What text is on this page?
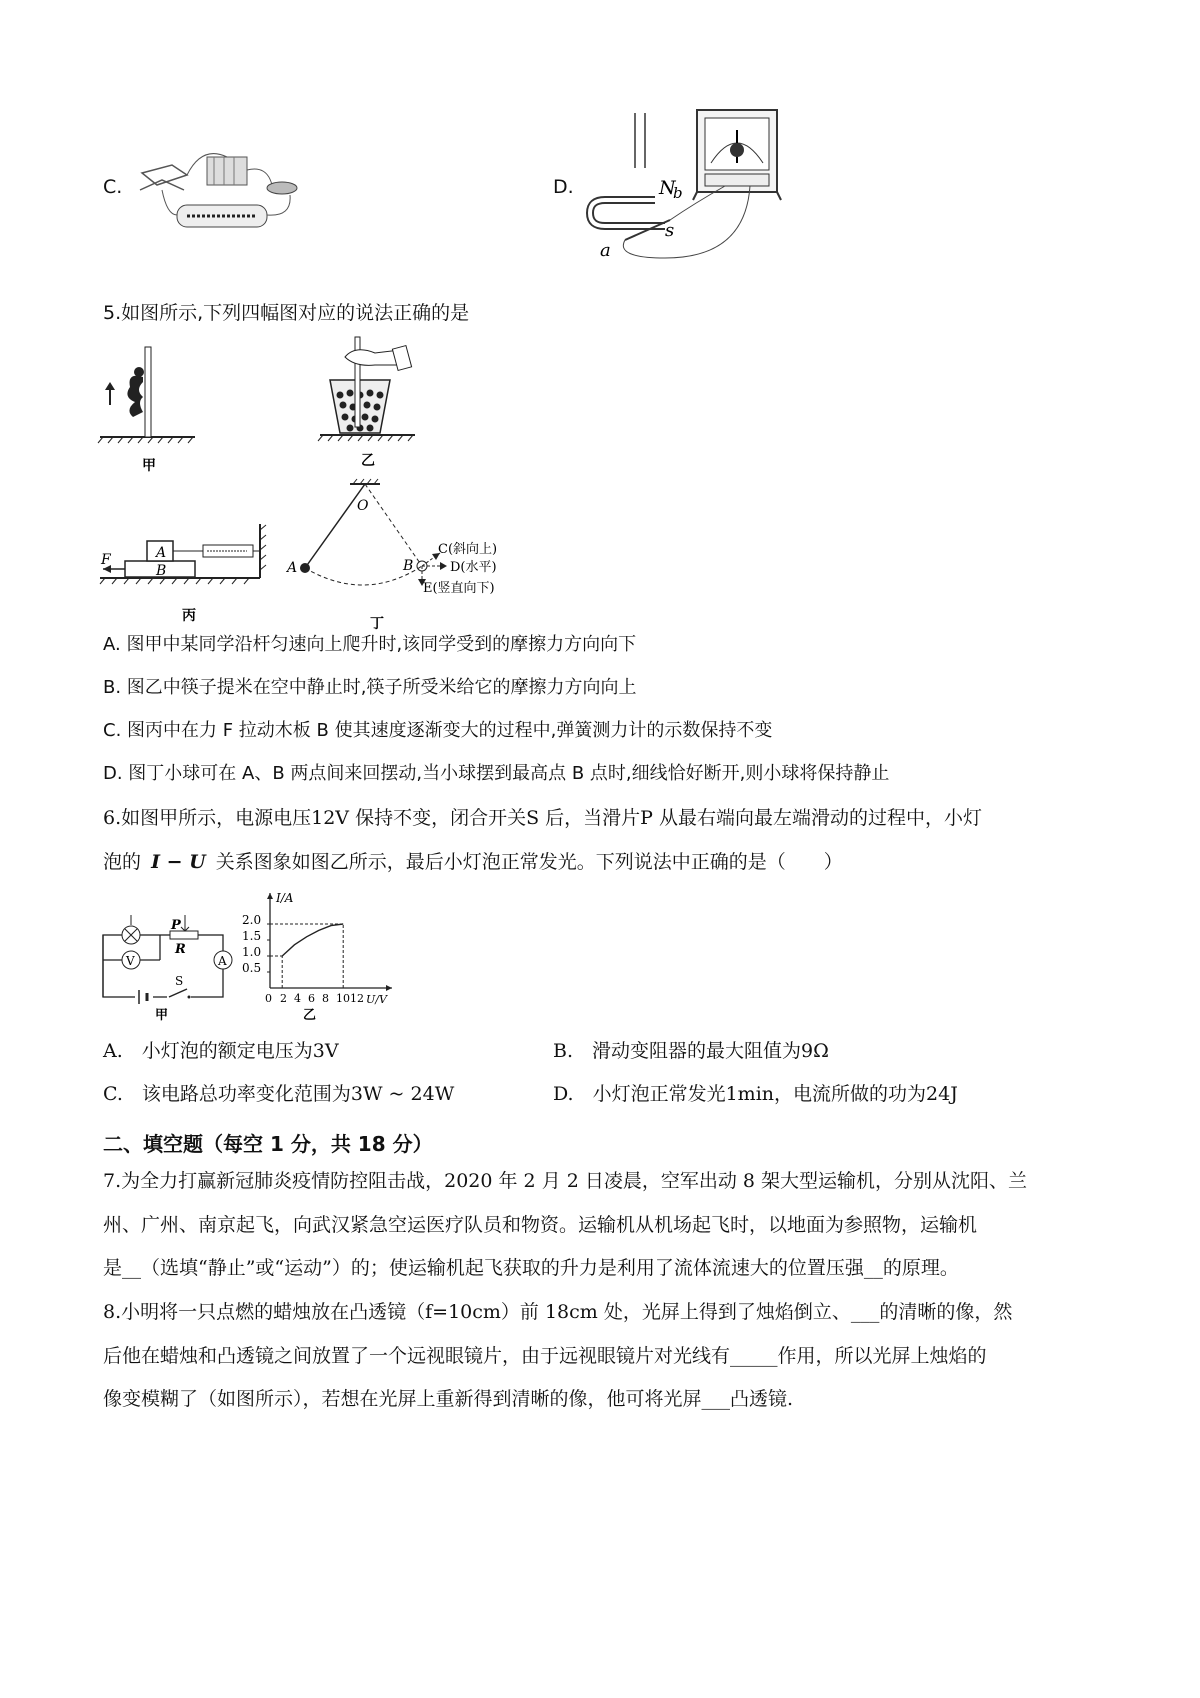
C.	D.	N
b
s
a
5.如图所示,下列四幅图对应的说法正确的是
甲	乙
A
B
F
丙
O
A	B
C(斜向上)
D(水平)
E(竖直向下)
丁
A. 图甲中某同学沿杆匀速向上爬升时,该同学受到的摩擦力方向向下
B. 图乙中筷子提米在空中静止时,筷子所受米给它的摩擦力方向向上
C. 图丙中在力 F 拉动木板 B 使其速度逐渐变大的过程中,弹簧测力计的示数保持不变
D. 图丁小球可在 A、B 两点间来回摆动,当小球摆到最高点 B 点时,细线恰好断开,则小球将保持静止
6.如图甲所示，电源电压12V 保持不变，闭合开关S 后，当滑片P 从最右端向最左端滑动的过程中，小灯
泡的 I − U 关系图象如图乙所示，最后小灯泡正常发光。下列说法中正确的是（　　）
V
P
R
A
S
甲
I/A
U/V
2.0
1.5
1.0
0.5
0 2 4 6 8 1012
乙
A.　小灯泡的额定电压为3V	B.　滑动变阻器的最大阻值为9Ω
C.　该电路总功率变化范围为3W ~ 24W	D.　小灯泡正常发光1min，电流所做的功为24J
二、填空题（每空 1 分，共 18 分）
7.为全力打赢新冠肺炎疫情防控阻击战，2020 年 2 月 2 日凌晨，空军出动 8 架大型运输机，分别从沈阳、兰
州、广州、南京起飞，向武汉紧急空运医疗队员和物资。运输机从机场起飞时，以地面为参照物，运输机
是__（选填“静止”或“运动”）的；使运输机起飞获取的升力是利用了流体流速大的位置压强__的原理。
8.小明将一只点燃的蜡烛放在凸透镜（f=10cm）前 18cm 处，光屏上得到了烛焰倒立、___的清晰的像，然
后他在蜡烛和凸透镜之间放置了一个远视眼镜片，由于远视眼镜片对光线有_____作用，所以光屏上烛焰的
像变模糊了（如图所示），若想在光屏上重新得到清晰的像，他可将光屏___凸透镜.
